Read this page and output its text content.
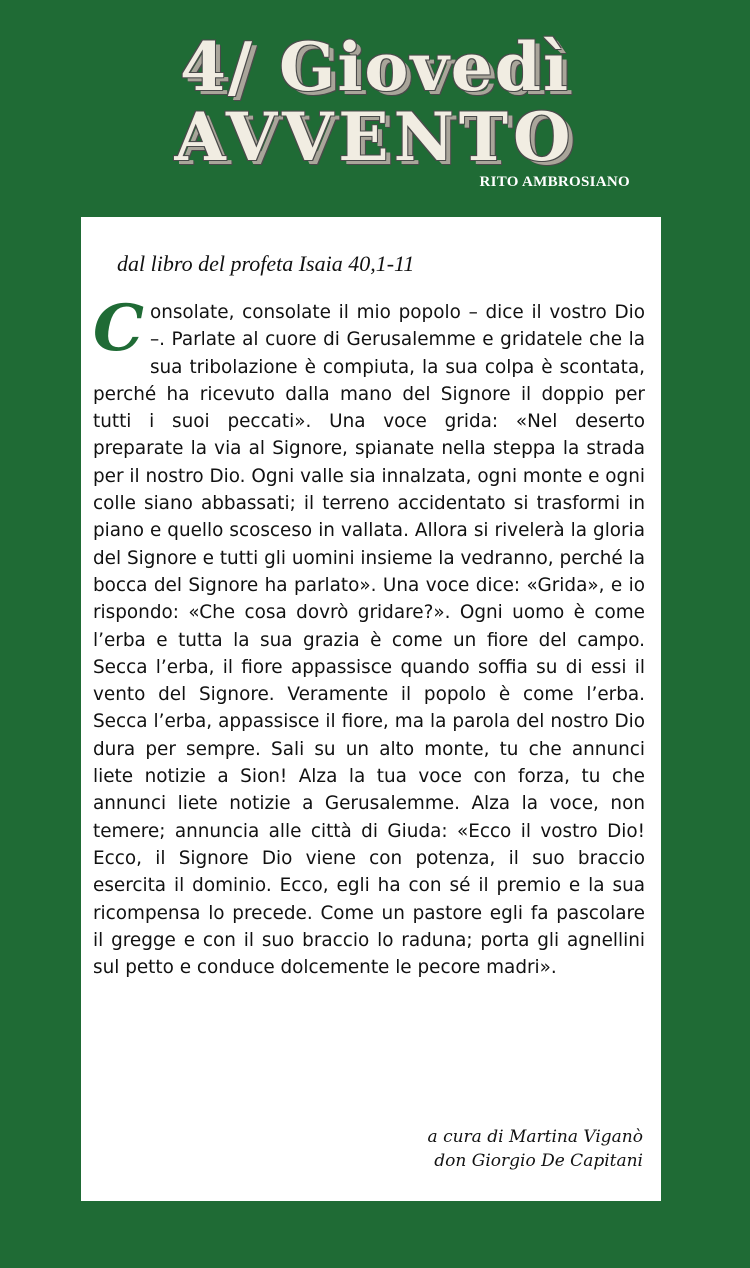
4/ Giovedì
AVVENTO
RITO AMBROSIANO
dal libro del profeta Isaia 40,1-11
C onsolate, consolate il mio popolo – dice il vostro Dio –. Parlate al cuore di Gerusalemme e gridatele che la sua tribolazione è compiuta, la sua colpa è scontata, perché ha ricevuto dalla mano del Signore il doppio per tutti i suoi peccati». Una voce grida: «Nel deserto preparate la via al Signore, spianate nella steppa la strada per il nostro Dio. Ogni valle sia innalzata, ogni monte e ogni colle siano abbassati; il terreno accidentato si trasformi in piano e quello scosceso in vallata. Allora si rivelerà la gloria del Signore e tutti gli uomini insieme la vedranno, perché la bocca del Signore ha parlato». Una voce dice: «Grida», e io rispondo: «Che cosa dovrò gridare?». Ogni uomo è come l’erba e tutta la sua grazia è come un fiore del campo. Secca l’erba, il fiore appassisce quando soffia su di essi il vento del Signore. Veramente il popolo è come l’erba. Secca l’erba, appassisce il fiore, ma la parola del nostro Dio dura per sempre. Sali su un alto monte, tu che annunci liete notizie a Sion! Alza la tua voce con forza, tu che annunci liete notizie a Gerusalemme. Alza la voce, non temere; annuncia alle città di Giuda: «Ecco il vostro Dio! Ecco, il Signore Dio viene con potenza, il suo braccio esercita il dominio. Ecco, egli ha con sé il premio e la sua ricompensa lo precede. Come un pastore egli fa pascolare il gregge e con il suo braccio lo raduna; porta gli agnellini sul petto e conduce dolcemente le pecore madri».
a cura di Martina Viganò
don Giorgio De Capitani
